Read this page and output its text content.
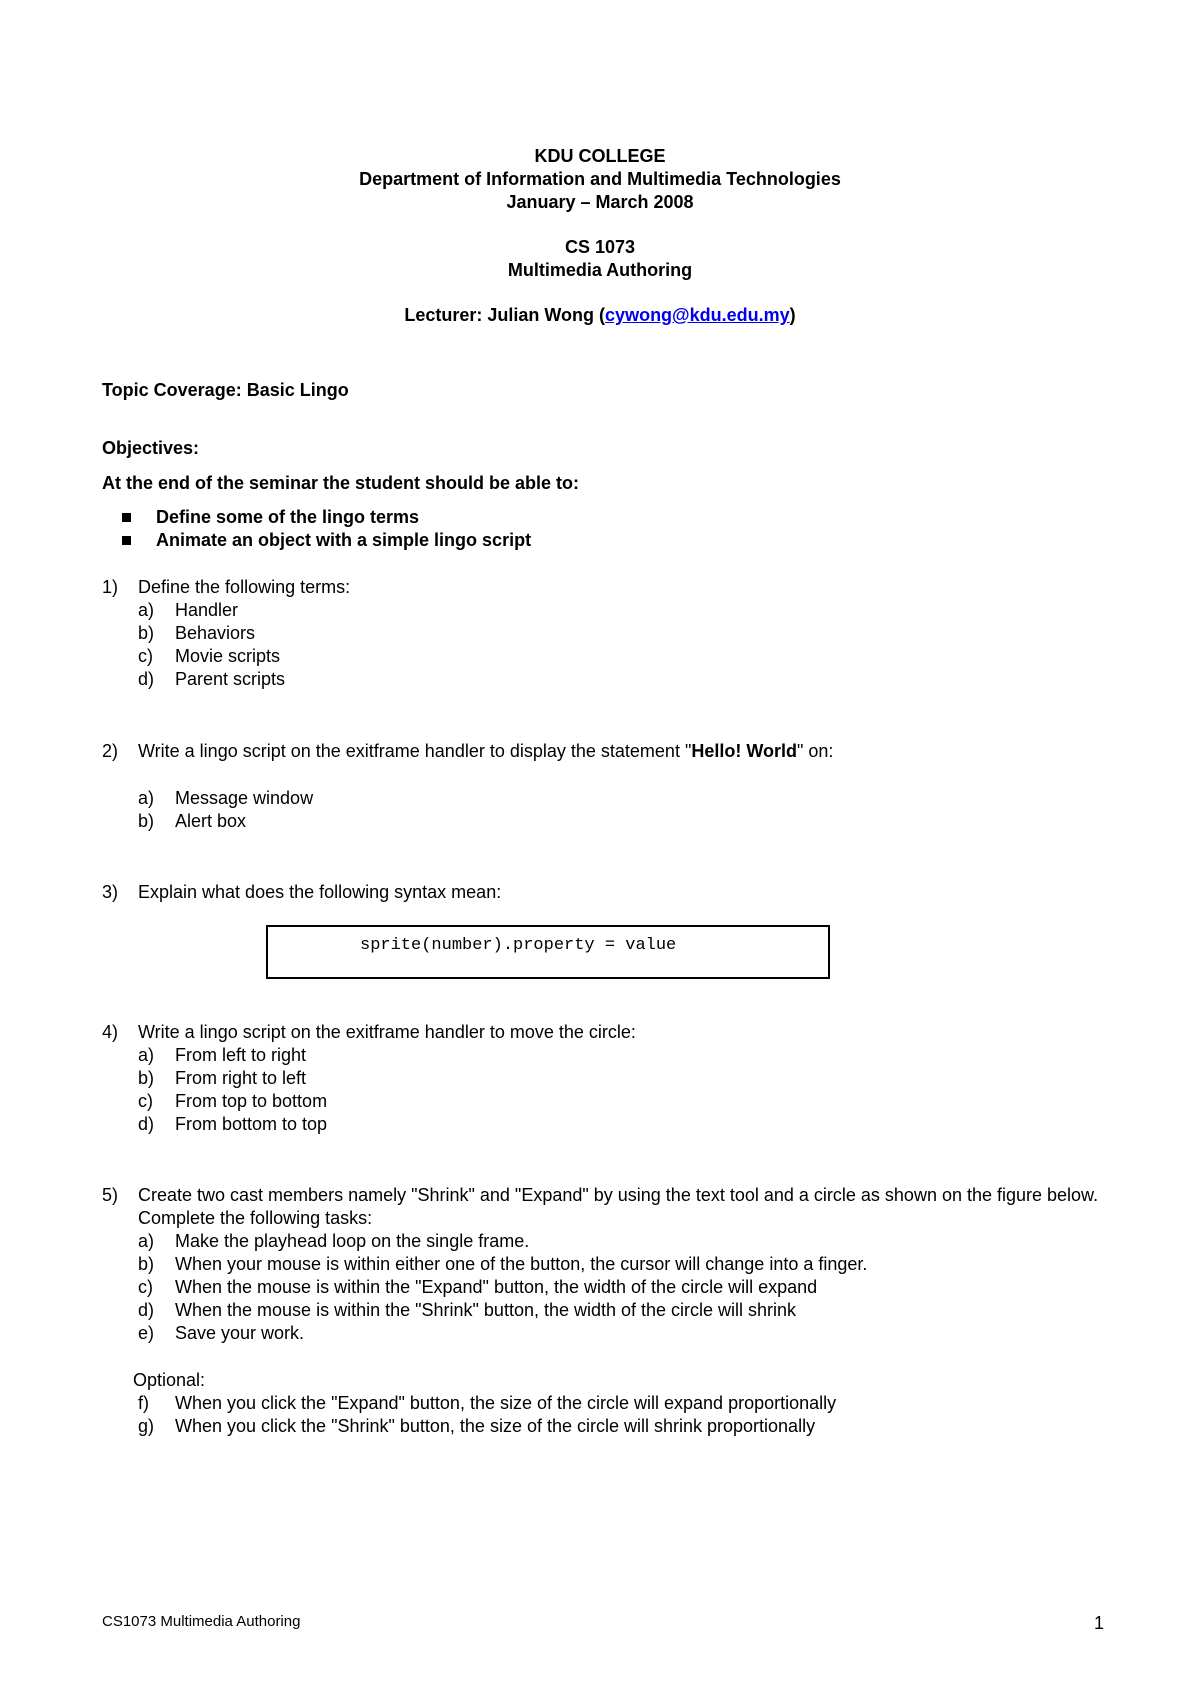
KDU COLLEGE
Department of Information and Multimedia Technologies
January – March 2008
CS 1073
Multimedia Authoring
Lecturer: Julian Wong (cywong@kdu.edu.my)
Topic Coverage: Basic Lingo
Objectives:
At the end of the seminar the student should be able to:
Define some of the lingo terms
Animate an object with a simple lingo script
1)	Define the following terms:
a)	Handler
b)	Behaviors
c)	Movie scripts
d)	Parent scripts
2)	Write a lingo script on the exitframe handler to display the statement "Hello! World" on:
a)	Message window
b)	Alert box
3)	Explain what does the following syntax mean:
sprite(number).property = value
4)	Write a lingo script on the exitframe handler to move the circle:
a)	From left to right
b)	From right to left
c)	From top to bottom
d)	From bottom to top
5)	Create two cast members namely "Shrink" and "Expand" by using the text tool and a circle as shown on the figure below. Complete the following tasks:
a)	Make the playhead loop on the single frame.
b)	When your mouse is within either one of the button, the cursor will change into a finger.
c)	When the mouse is within the "Expand" button, the width of the circle will expand
d)	When the mouse is within the "Shrink" button, the width of the circle will shrink
e)	Save your work.
Optional:
f)	When you click the "Expand" button, the size of the circle will expand proportionally
g)	When you click the "Shrink" button, the size of the circle will shrink proportionally
CS1073 Multimedia Authoring	1
